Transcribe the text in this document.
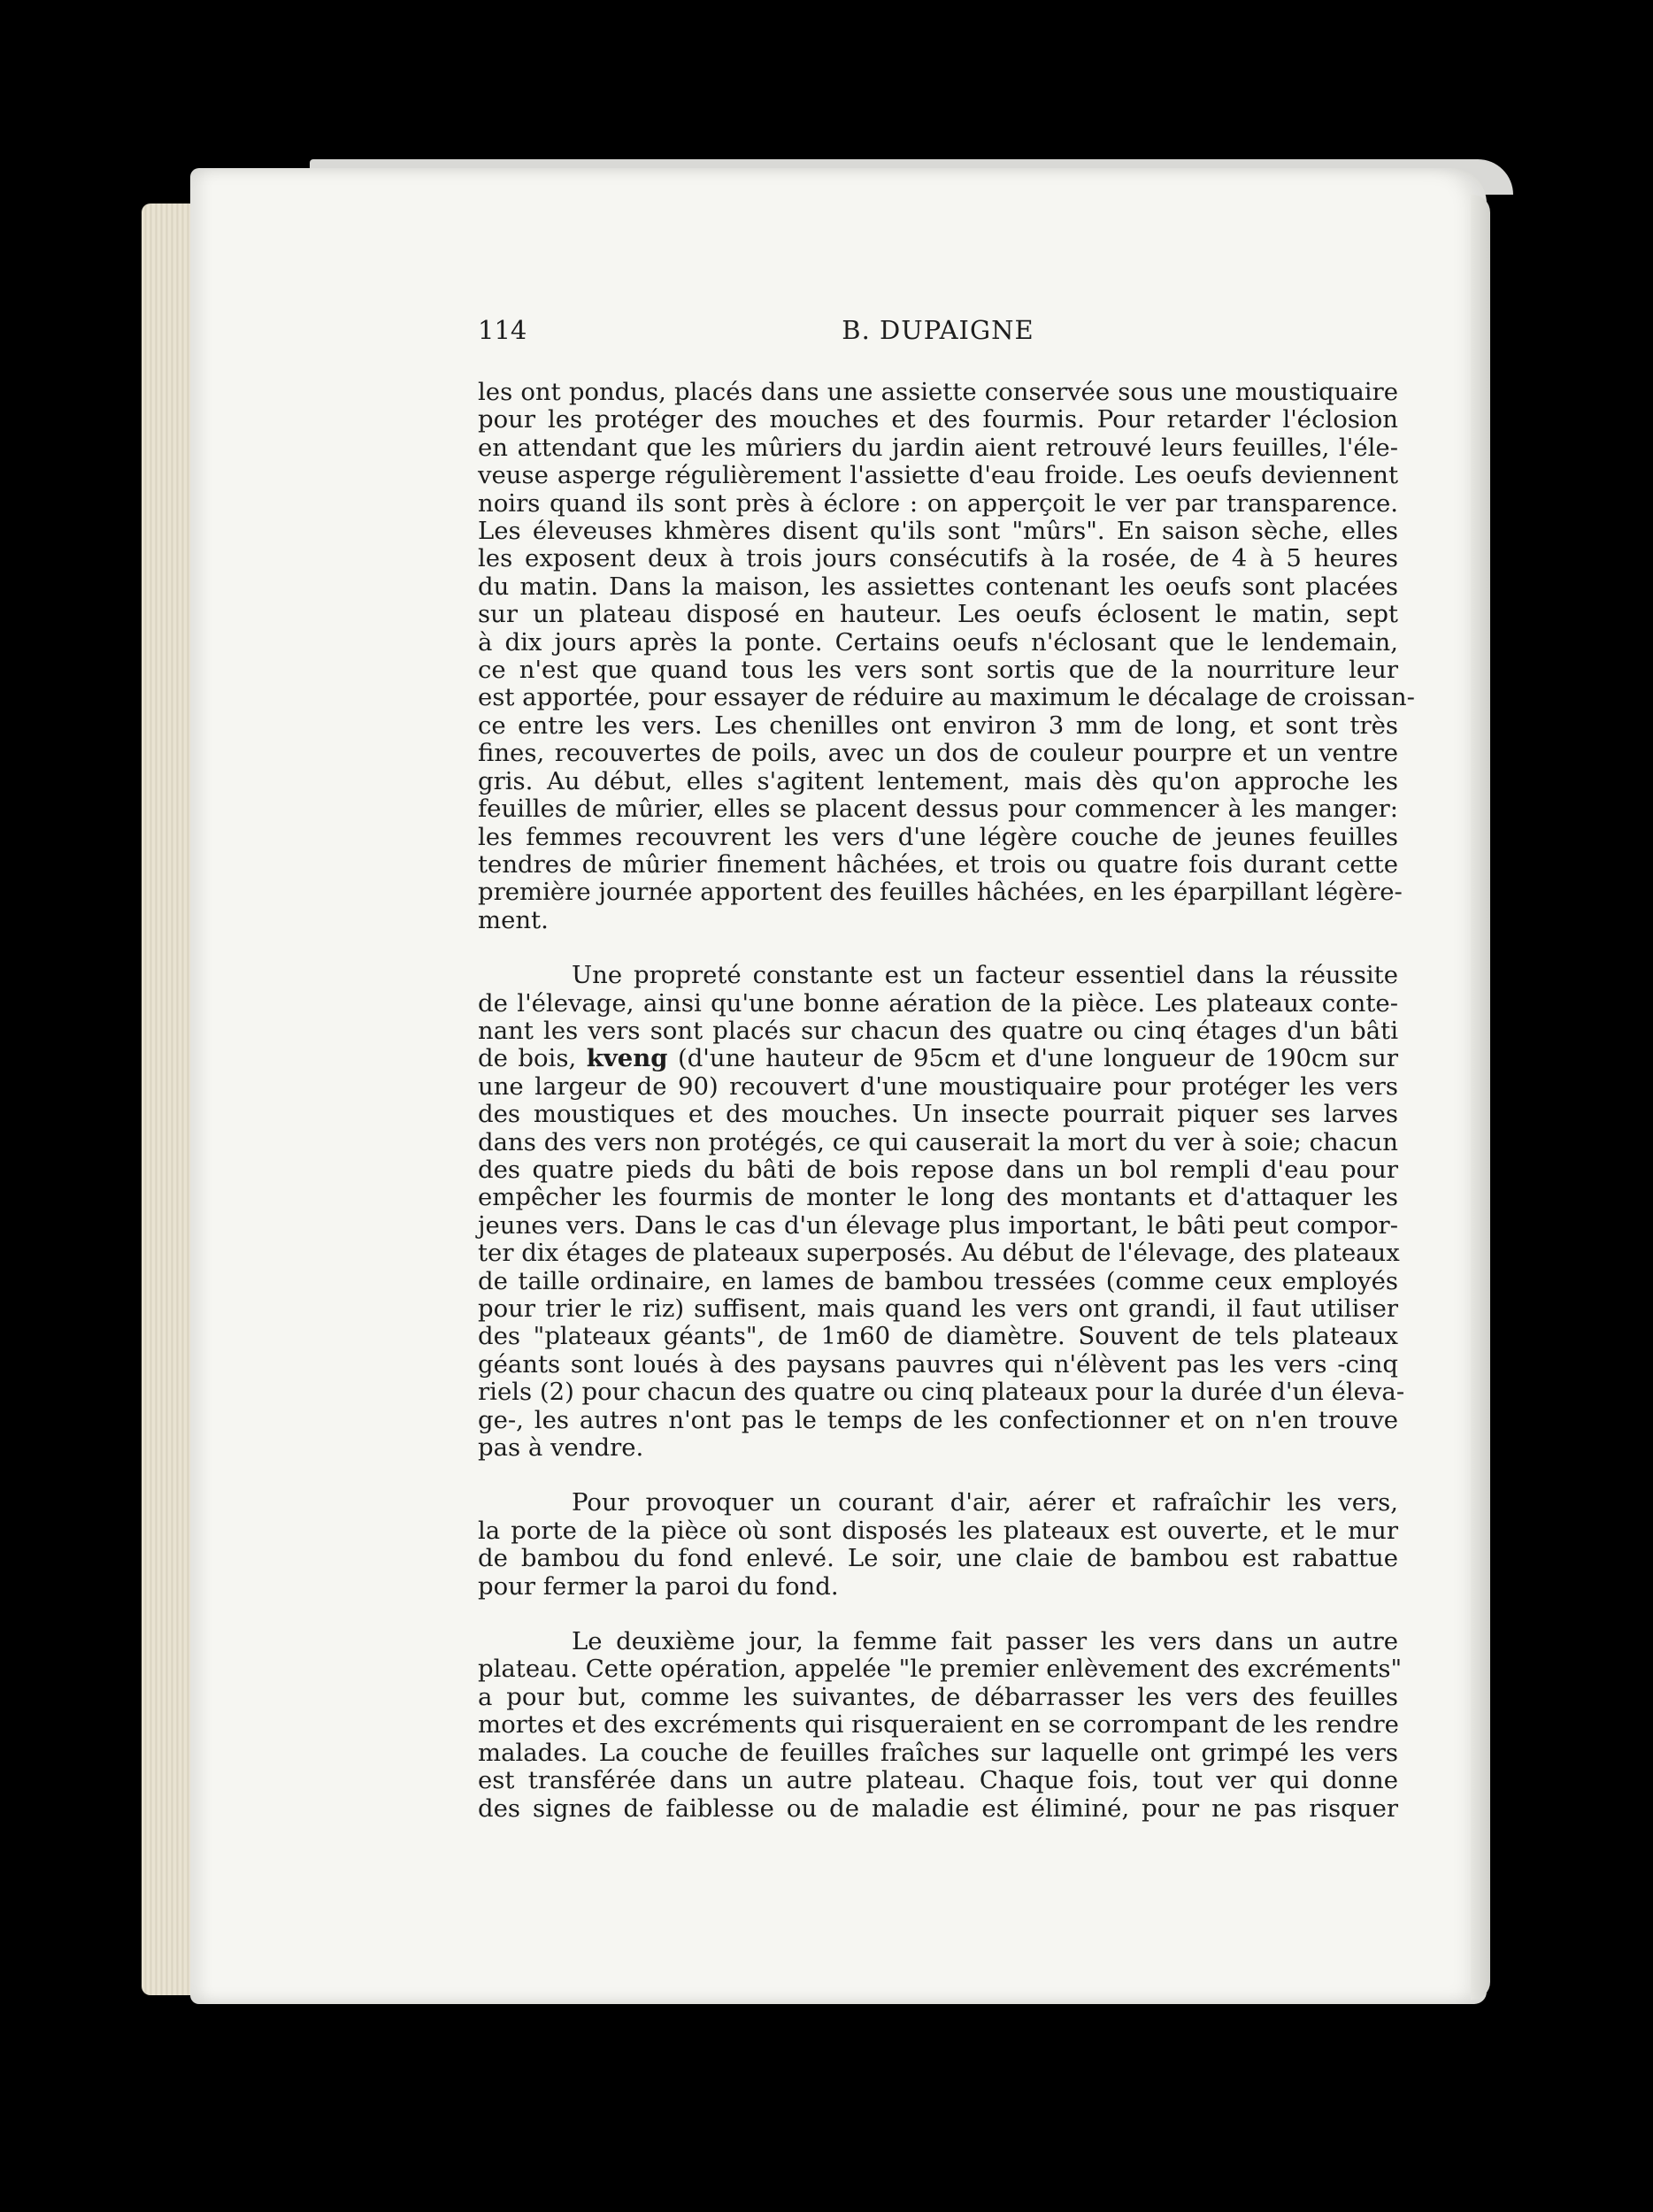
114	B. DUPAIGNE
les ont pondus, placés dans une assiette conservée sous une moustiquaire
pour les protéger des mouches et des fourmis. Pour retarder l'éclosion
en attendant que les mûriers du jardin aient retrouvé leurs feuilles, l'éle-
veuse asperge régulièrement l'assiette d'eau froide. Les oeufs deviennent
noirs quand ils sont près à éclore : on apperçoit le ver par transparence.
Les éleveuses khmères disent qu'ils sont "mûrs". En saison sèche, elles
les exposent deux à trois jours consécutifs à la rosée, de 4 à 5 heures
du matin. Dans la maison, les assiettes contenant les oeufs sont placées
sur un plateau disposé en hauteur. Les oeufs éclosent le matin, sept
à dix jours après la ponte. Certains oeufs n'éclosant que le lendemain,
ce n'est que quand tous les vers sont sortis que de la nourriture leur
est apportée, pour essayer de réduire au maximum le décalage de croissan-
ce entre les vers. Les chenilles ont environ 3 mm de long, et sont très
fines, recouvertes de poils, avec un dos de couleur pourpre et un ventre
gris. Au début, elles s'agitent lentement, mais dès qu'on approche les
feuilles de mûrier, elles se placent dessus pour commencer à les manger:
les femmes recouvrent les vers d'une légère couche de jeunes feuilles
tendres de mûrier finement hâchées, et trois ou quatre fois durant cette
première journée apportent des feuilles hâchées, en les éparpillant légère-
ment.
Une propreté constante est un facteur essentiel dans la réussite
de l'élevage, ainsi qu'une bonne aération de la pièce. Les plateaux conte-
nant les vers sont placés sur chacun des quatre ou cinq étages d'un bâti
de bois, kveng (d'une hauteur de 95cm et d'une longueur de 190cm sur
une largeur de 90) recouvert d'une moustiquaire pour protéger les vers
des moustiques et des mouches. Un insecte pourrait piquer ses larves
dans des vers non protégés, ce qui causerait la mort du ver à soie; chacun
des quatre pieds du bâti de bois repose dans un bol rempli d'eau pour
empêcher les fourmis de monter le long des montants et d'attaquer les
jeunes vers. Dans le cas d'un élevage plus important, le bâti peut compor-
ter dix étages de plateaux superposés. Au début de l'élevage, des plateaux
de taille ordinaire, en lames de bambou tressées (comme ceux employés
pour trier le riz) suffisent, mais quand les vers ont grandi, il faut utiliser
des "plateaux géants", de 1m60 de diamètre. Souvent de tels plateaux
géants sont loués à des paysans pauvres qui n'élèvent pas les vers -cinq
riels (2) pour chacun des quatre ou cinq plateaux pour la durée d'un éleva-
ge-, les autres n'ont pas le temps de les confectionner et on n'en trouve
pas à vendre.
Pour provoquer un courant d'air, aérer et rafraîchir les vers,
la porte de la pièce où sont disposés les plateaux est ouverte, et le mur
de bambou du fond enlevé. Le soir, une claie de bambou est rabattue
pour fermer la paroi du fond.
Le deuxième jour, la femme fait passer les vers dans un autre
plateau. Cette opération, appelée "le premier enlèvement des excréments"
a pour but, comme les suivantes, de débarrasser les vers des feuilles
mortes et des excréments qui risqueraient en se corrompant de les rendre
malades. La couche de feuilles fraîches sur laquelle ont grimpé les vers
est transférée dans un autre plateau. Chaque fois, tout ver qui donne
des signes de faiblesse ou de maladie est éliminé, pour ne pas risquer
